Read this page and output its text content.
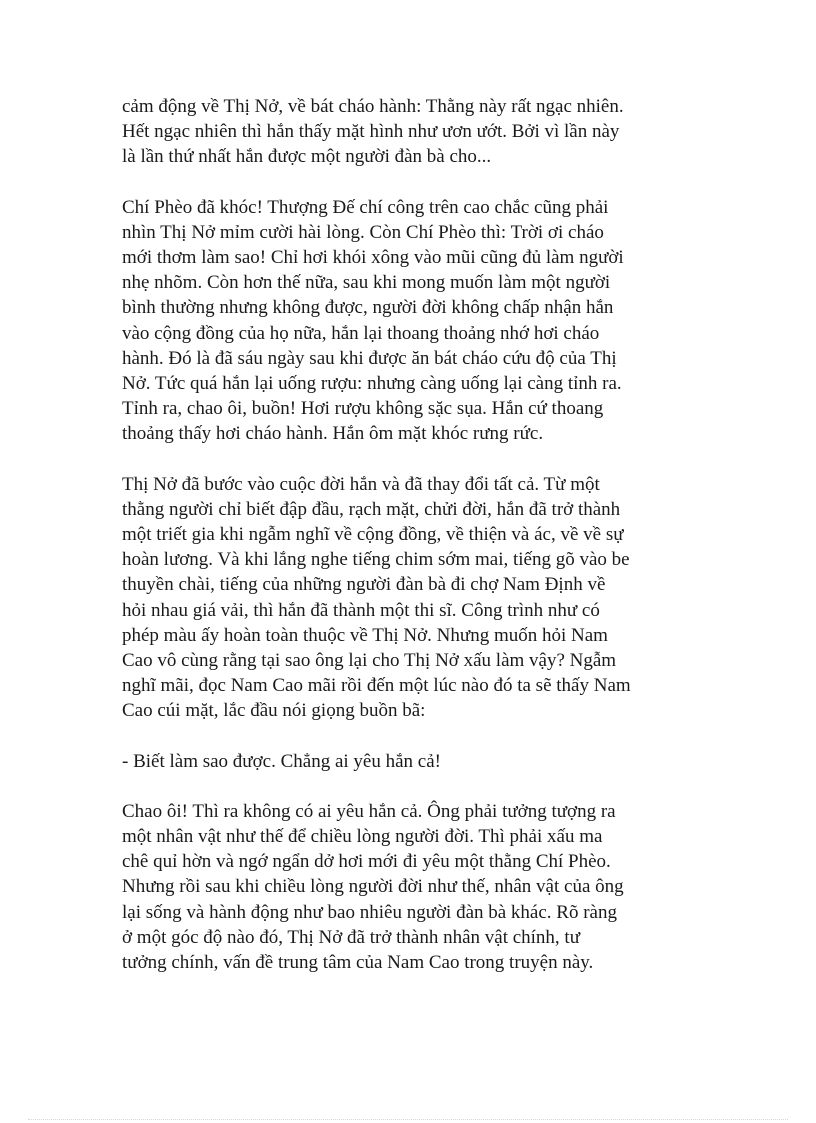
cảm động về Thị Nở, về bát cháo hành: Thằng này rất ngạc nhiên.
Hết ngạc nhiên thì hắn thấy mặt hình như ươn ướt. Bởi vì lần này
là lần thứ nhất hắn được một người đàn bà cho...

Chí Phèo đã khóc! Thượng Đế chí công trên cao chắc cũng phải
nhìn Thị Nở mỉm cười hài lòng. Còn Chí Phèo thì: Trời ơi cháo
mới thơm làm sao! Chỉ hơi khói xông vào mũi cũng đủ làm người
nhẹ nhõm. Còn hơn thế nữa, sau khi mong muốn làm một người
bình thường nhưng không được, người đời không chấp nhận hắn
vào cộng đồng của họ nữa, hắn lại thoang thoảng nhớ hơi cháo
hành. Đó là đã sáu ngày sau khi được ăn bát cháo cứu độ của Thị
Nở. Tức quá hắn lại uống rượu: nhưng càng uống lại càng tỉnh ra.
Tỉnh ra, chao ôi, buồn! Hơi rượu không sặc sụa. Hắn cứ thoang
thoảng thấy hơi cháo hành. Hắn ôm mặt khóc rưng rức.

Thị Nở đã bước vào cuộc đời hắn và đã thay đổi tất cả. Từ một
thằng người chỉ biết đập đầu, rạch mặt, chửi đời, hắn đã trở thành
một triết gia khi ngẫm nghĩ về cộng đồng, về thiện và ác, về về sự
hoàn lương. Và khi lắng nghe tiếng chim sớm mai, tiếng gõ vào be
thuyền chài, tiếng của những người đàn bà đi chợ Nam Định về
hỏi nhau giá vải, thì hắn đã thành một thi sĩ. Công trình như có
phép màu ấy hoàn toàn thuộc về Thị Nở. Nhưng muốn hỏi Nam
Cao vô cùng rằng tại sao ông lại cho Thị Nở xấu làm vậy? Ngẫm
nghĩ mãi, đọc Nam Cao mãi rồi đến một lúc nào đó ta sẽ thấy Nam
Cao cúi mặt, lắc đầu nói giọng buồn bã:

- Biết làm sao được. Chẳng ai yêu hắn cả!

Chao ôi! Thì ra không có ai yêu hắn cả. Ông phải tưởng tượng ra
một nhân vật như thế để chiều lòng người đời. Thì phải xấu ma
chê quỉ hờn và ngớ ngẩn dở hơi mới đi yêu một thằng Chí Phèo.
Nhưng rồi sau khi chiều lòng người đời như thế, nhân vật của ông
lại sống và hành động như bao nhiêu người đàn bà khác. Rõ ràng
ở một góc độ nào đó, Thị Nở đã trở thành nhân vật chính, tư
tưởng chính, vấn đề trung tâm của Nam Cao trong truyện này.
